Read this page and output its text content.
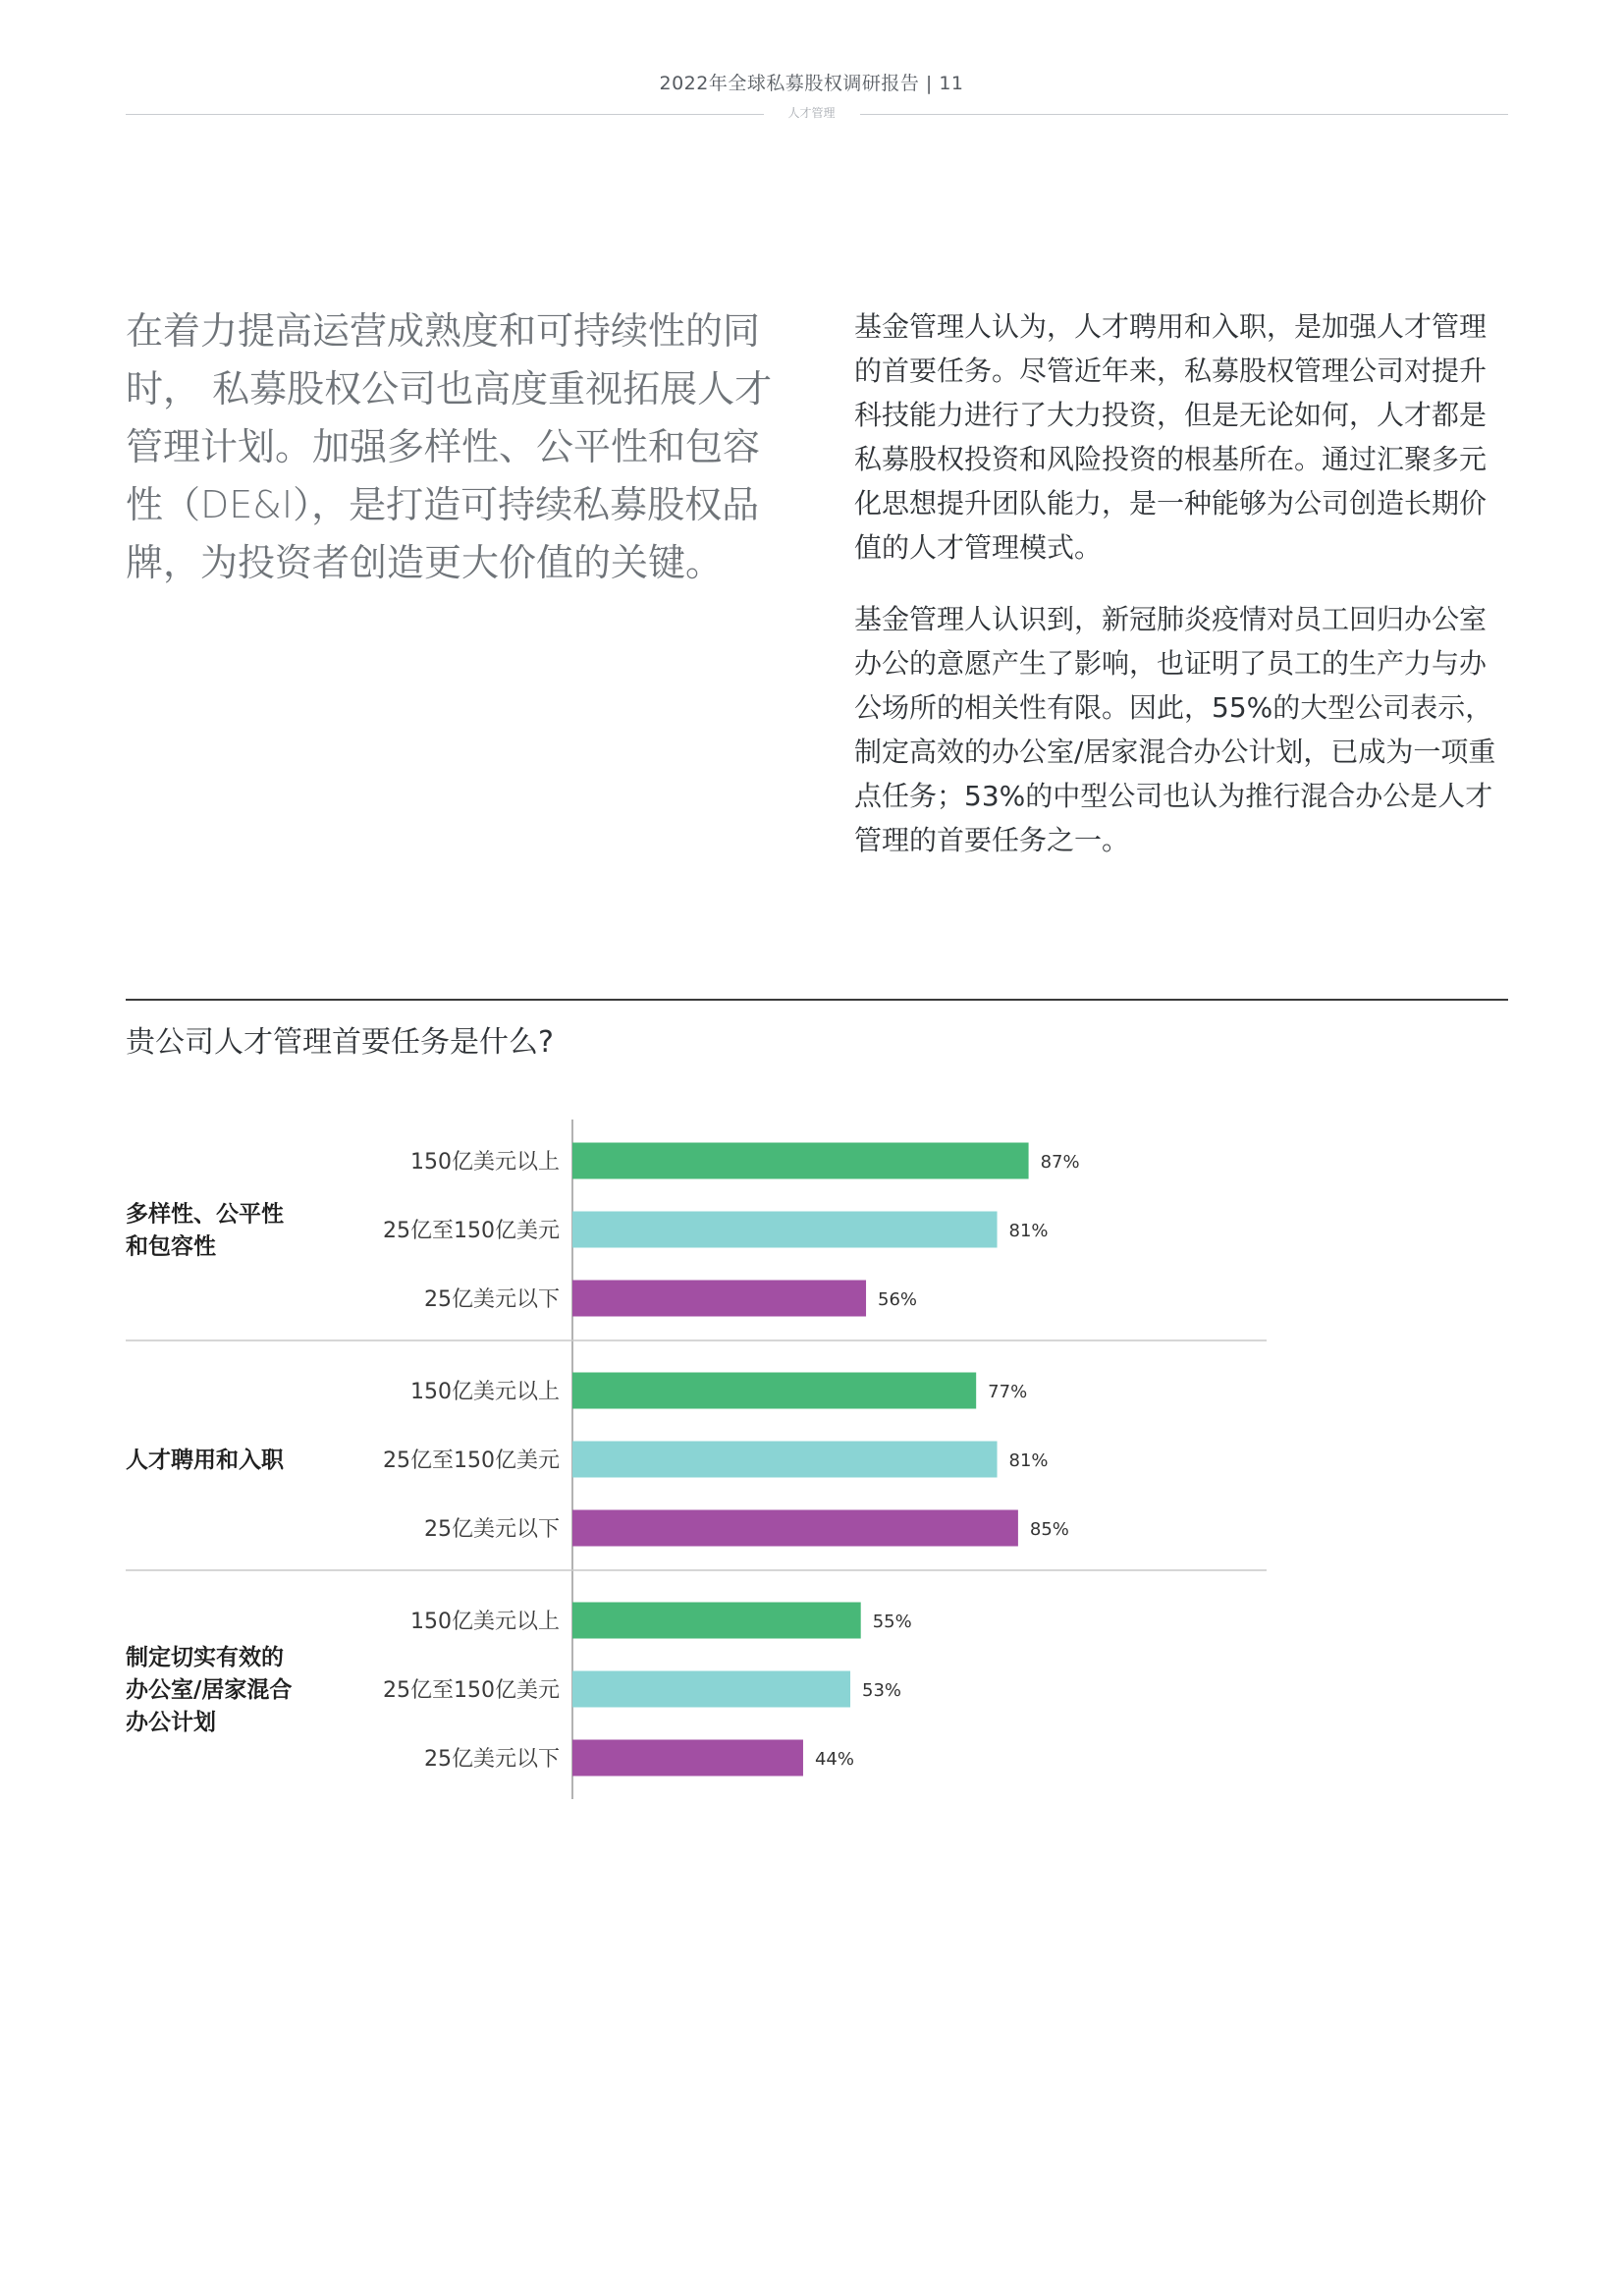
2022年全球私募股权调研报告 | 11
人才管理

在着力提高运营成熟度和可持续性的同时， 私募股权公司也高度重视拓展人才管理计划。加强多样性、公平性和包容性（DE&I），是打造可持续私募股权品牌，为投资者创造更大价值的关键。

基金管理人认为，人才聘用和入职，是加强人才管理的首要任务。尽管近年来，私募股权管理公司对提升科技能力进行了大力投资，但是无论如何，人才都是私募股权投资和风险投资的根基所在。通过汇聚多元化思想提升团队能力，是一种能够为公司创造长期价值的人才管理模式。

基金管理人认识到，新冠肺炎疫情对员工回归办公室办公的意愿产生了影响，也证明了员工的生产力与办公场所的相关性有限。因此，55%的大型公司表示，制定高效的办公室/居家混合办公计划，已成为一项重点任务；53%的中型公司也认为推行混合办公是人才管理的首要任务之一。

贵公司人才管理首要任务是什么?
多样性、公平性
和包容性
150亿美元以上	87%
25亿至150亿美元	81%
25亿美元以下	56%
人才聘用和入职
150亿美元以上	77%
25亿至150亿美元	81%
25亿美元以下	85%
制定切实有效的
办公室/居家混合
办公计划
150亿美元以上	55%
25亿至150亿美元	53%
25亿美元以下	44%
